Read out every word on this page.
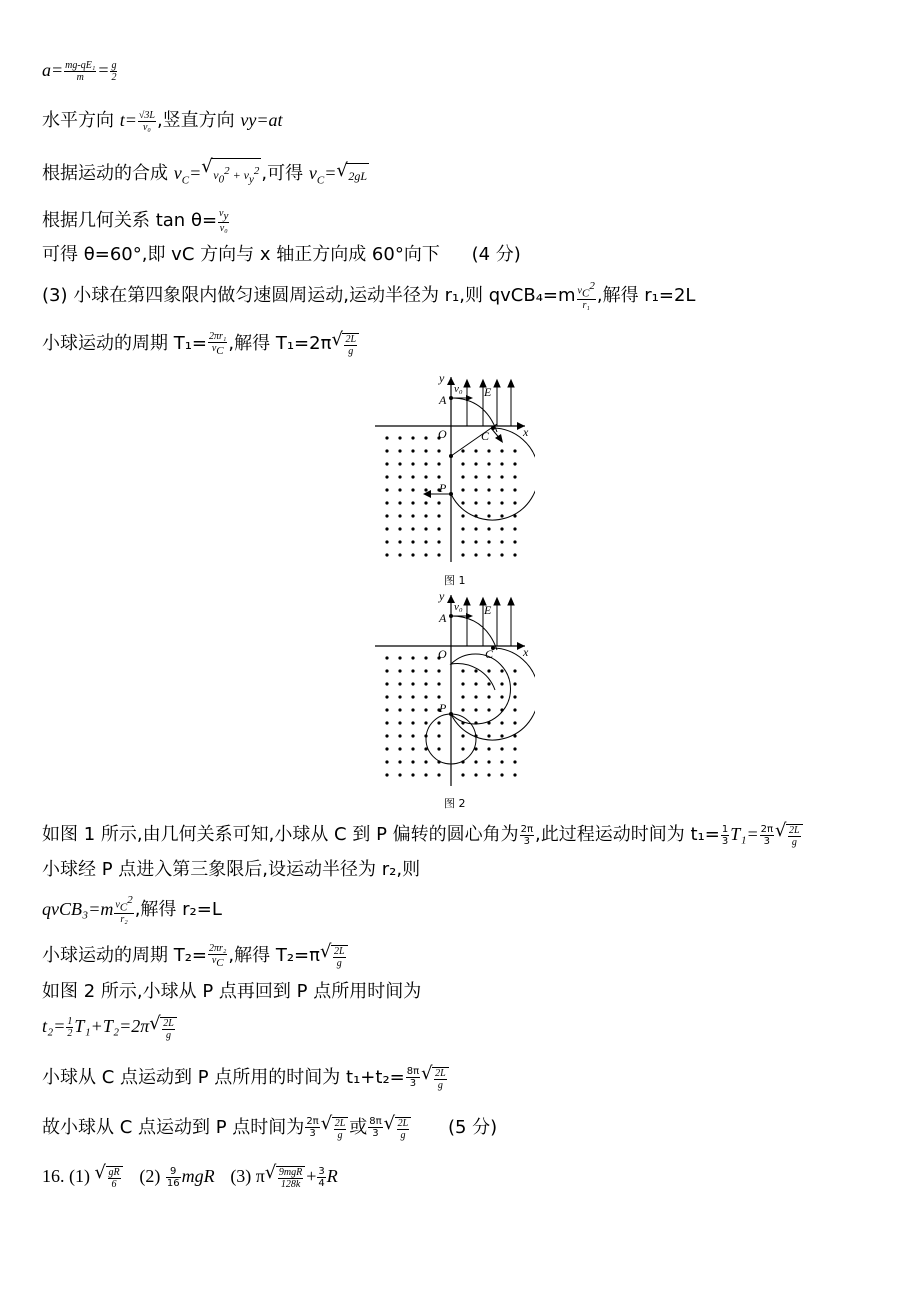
$a= \frac{\text{mg-qE₁}}{m} = \frac{g}{2}$
水平方向 $t= \frac{√3L}{\text{v₀}}$ ,竖直方向 vy=at
根据运动的合成 $v_C=√$ $v_0^2 + v_y^2$ ,可得 $v_C=√$ 2gL
根据几何关系 $\tan \theta= \frac{v_y}{\text{v₀}}$
可得 θ=60°,即 vC 方向与 x 轴正方向成 60°向下 (4 分)
(3) 小球在第四象限内做匀速圆周运动,运动半径为 r₁,则 qvCB₄=m $\frac{v_C^2}{\text{r₁}}$ ,解得 r₁=2L
小球运动的周期 $T_1= \frac{\text{2πr₁}}{v_C}$ ,解得 T₁=2π
√ $\frac{2L}{g}$
y
x
v₀ E
A
O	C
P
图 1
y
x
v₀ E
A
O	C
P
图 2
如图 1 所示,由几何关系可知,小球从 C 到 P 偏转的圆心角为 $\frac{2\pi}{3}$ ,此过程运动时间为 $t_1= \frac{1}{3} T_1= \frac{2\pi}{3}$
√ $\frac{2L}{g}$
小球经 P 点进入第三象限后,设运动半径为 r₂,则
qvCB₃=m $\frac{v_C^2}{\text{r₂}}$ ,解得 r₂=L
小球运动的周期 $T_2= \frac{\text{2πr₂}}{v_C}$ ,解得 T₂=π
√ $\frac{2L}{g}$
如图 2 所示,小球从 P 点再回到 P 点所用时间为
$t_2= \frac{1}{2} T_1+T_2=2\pi$
√ $\frac{2L}{g}$
小球从 C 点运动到 P 点所用的时间为 $t_1+t_2= \frac{8\pi}{3}$
√ $\frac{2L}{g}$
故小球从 C 点运动到 P 点时间为 $\frac{2\pi}{3}$
√ $\frac{2L}{g}$ 或 $\frac{8\pi}{3}$
√ $\frac{2L}{g} (5$ 分)
16. (1)
√ $\frac{gR}{6} (2) \frac{9}{16}$ mgR (3) π
√ $\frac{\text{9mgR}}{128k} + \frac{3}{4}$ R
